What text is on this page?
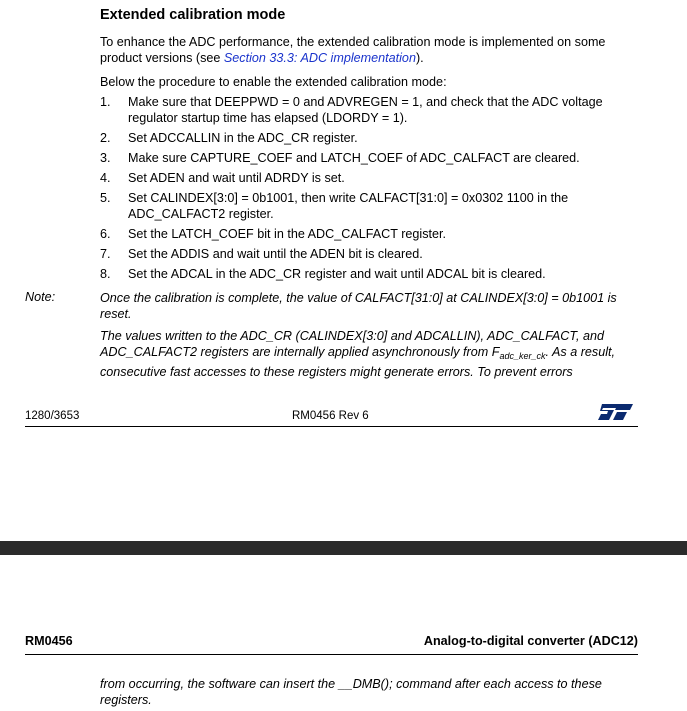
Extended calibration mode
To enhance the ADC performance, the extended calibration mode is implemented on some product versions (see Section 33.3: ADC implementation).
Below the procedure to enable the extended calibration mode:
1.	Make sure that DEEPPWD = 0 and ADVREGEN = 1, and check that the ADC voltage regulator startup time has elapsed (LDORDY = 1).
2.	Set ADCCALLIN in the ADC_CR register.
3.	Make sure CAPTURE_COEF and LATCH_COEF of ADC_CALFACT are cleared.
4.	Set ADEN and wait until ADRDY is set.
5.	Set CALINDEX[3:0] = 0b1001, then write CALFACT[31:0] = 0x0302 1100 in the ADC_CALFACT2 register.
6.	Set the LATCH_COEF bit in the ADC_CALFACT register.
7.	Set the ADDIS and wait until the ADEN bit is cleared.
8.	Set the ADCAL in the ADC_CR register and wait until ADCAL bit is cleared.
Note:	Once the calibration is complete, the value of CALFACT[31:0] at CALINDEX[3:0] = 0b1001 is reset.
The values written to the ADC_CR (CALINDEX[3:0] and ADCALLIN), ADC_CALFACT, and ADC_CALFACT2 registers are internally applied asynchronously from $F_{adc\_ker\_ck}$. As a result, consecutive fast accesses to these registers might generate errors. To prevent errors
1280/3653	RM0456 Rev 6
RM0456	Analog-to-digital converter (ADC12)
from occurring, the software can insert the __DMB(); command after each access to these registers.
